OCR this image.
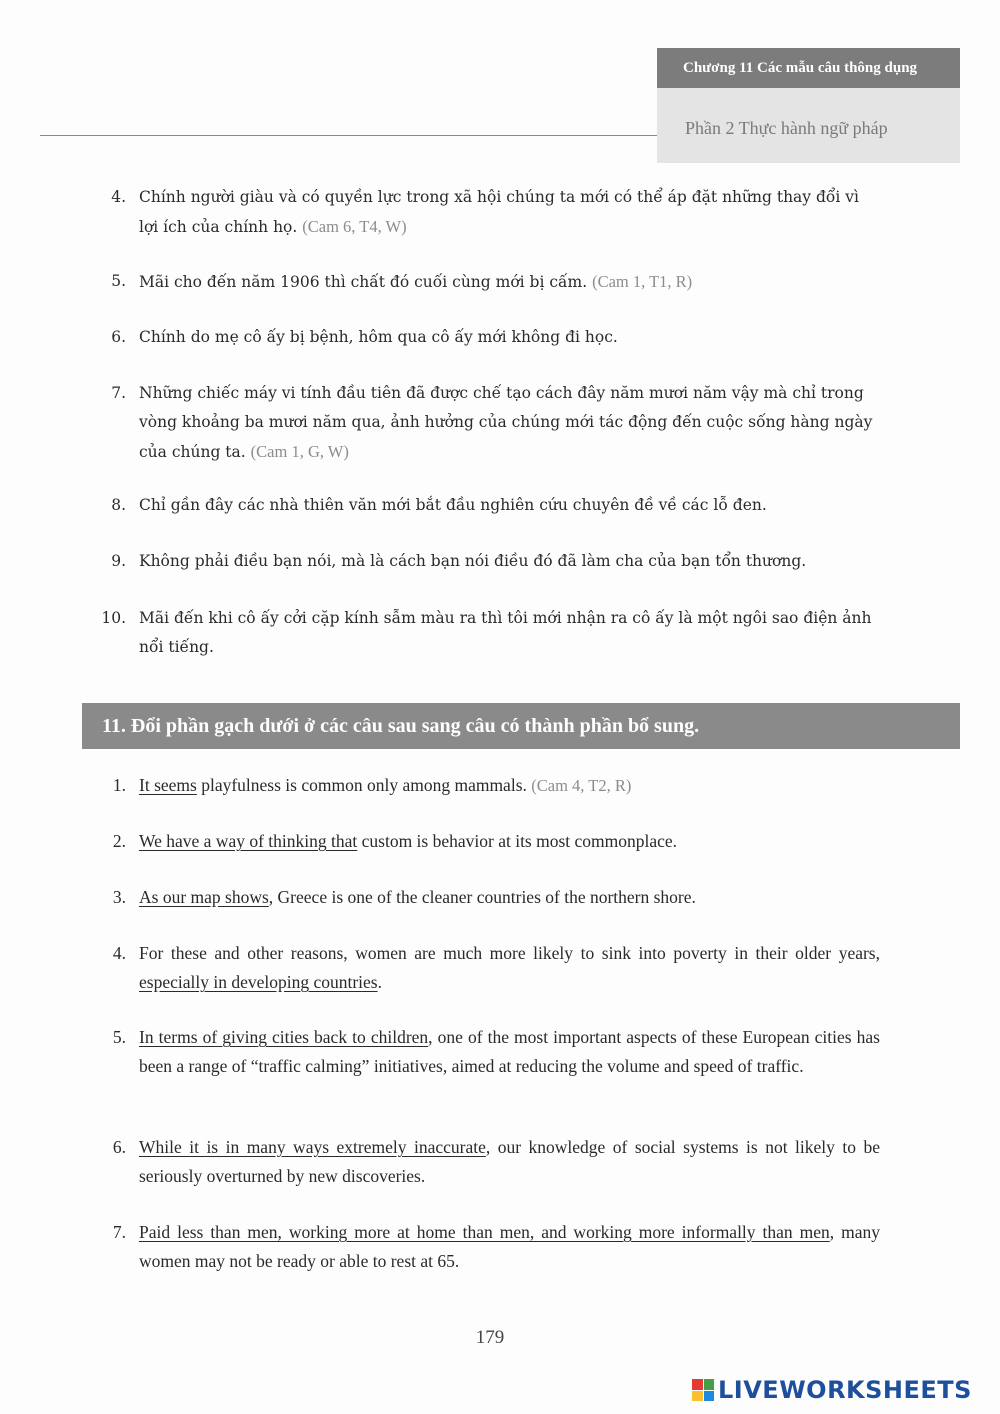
Chương 11 Các mẫu câu thông dụng
Phần 2 Thực hành ngữ pháp
4. Chính người giàu và có quyền lực trong xã hội chúng ta mới có thể áp đặt những thay đổi vì lợi ích của chính họ. (Cam 6, T4, W)
5. Mãi cho đến năm 1906 thì chất đó cuối cùng mới bị cấm. (Cam 1, T1, R)
6. Chính do mẹ cô ấy bị bệnh, hôm qua cô ấy mới không đi học.
7. Những chiếc máy vi tính đầu tiên đã được chế tạo cách đây năm mươi năm vậy mà chỉ trong vòng khoảng ba mươi năm qua, ảnh hưởng của chúng mới tác động đến cuộc sống hàng ngày của chúng ta. (Cam 1, G, W)
8. Chỉ gần đây các nhà thiên văn mới bắt đầu nghiên cứu chuyên đề về các lỗ đen.
9. Không phải điều bạn nói, mà là cách bạn nói điều đó đã làm cha của bạn tổn thương.
10. Mãi đến khi cô ấy cởi cặp kính sẫm màu ra thì tôi mới nhận ra cô ấy là một ngôi sao điện ảnh nổi tiếng.
11. Đổi phần gạch dưới ở các câu sau sang câu có thành phần bổ sung.
1. It seems playfulness is common only among mammals. (Cam 4, T2, R)
2. We have a way of thinking that custom is behavior at its most commonplace.
3. As our map shows, Greece is one of the cleaner countries of the northern shore.
4. For these and other reasons, women are much more likely to sink into poverty in their older years, especially in developing countries.
5. In terms of giving cities back to children, one of the most important aspects of these European cities has been a range of “traffic calming” initiatives, aimed at reducing the volume and speed of traffic.
6. While it is in many ways extremely inaccurate, our knowledge of social systems is not likely to be seriously overturned by new discoveries.
7. Paid less than men, working more at home than men, and working more informally than men, many women may not be ready or able to rest at 65.
179
LIVEWORKSHEETS
